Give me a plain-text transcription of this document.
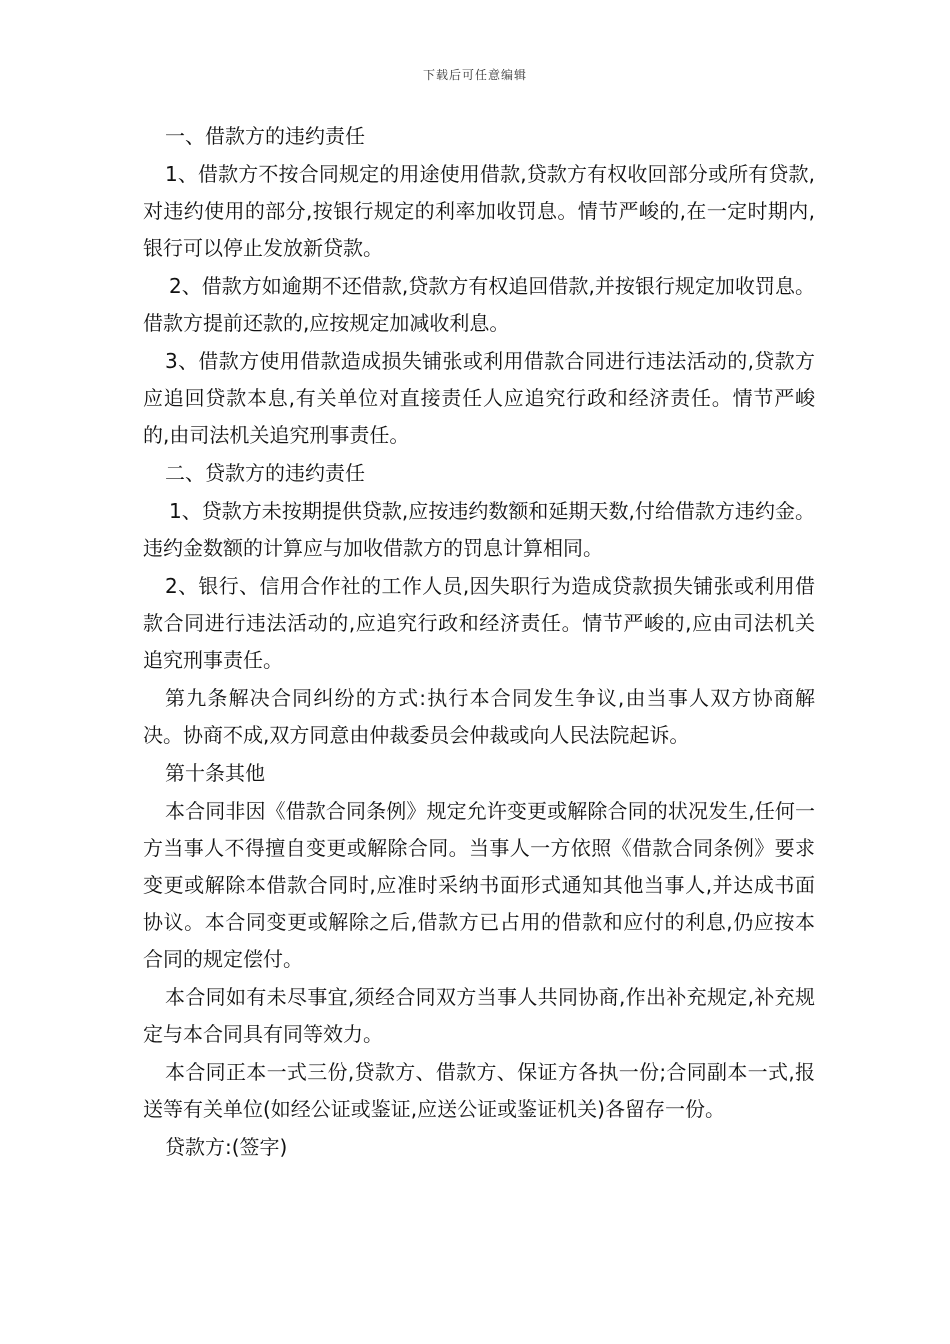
下载后可任意编辑

一、借款方的违约责任

1、借款方不按合同规定的用途使用借款,贷款方有权收回部分或所有贷款,对违约使用的部分,按银行规定的利率加收罚息。情节严峻的,在一定时期内,银行可以停止发放新贷款。

2、借款方如逾期不还借款,贷款方有权追回借款,并按银行规定加收罚息。借款方提前还款的,应按规定加减收利息。

3、借款方使用借款造成损失铺张或利用借款合同进行违法活动的,贷款方应追回贷款本息,有关单位对直接责任人应追究行政和经济责任。情节严峻的,由司法机关追究刑事责任。

二、贷款方的违约责任

1、贷款方未按期提供贷款,应按违约数额和延期天数,付给借款方违约金。违约金数额的计算应与加收借款方的罚息计算相同。

2、银行、信用合作社的工作人员,因失职行为造成贷款损失铺张或利用借款合同进行违法活动的,应追究行政和经济责任。情节严峻的,应由司法机关追究刑事责任。

第九条解决合同纠纷的方式:执行本合同发生争议,由当事人双方协商解决。协商不成,双方同意由仲裁委员会仲裁或向人民法院起诉。

第十条其他

本合同非因《借款合同条例》规定允许变更或解除合同的状况发生,任何一方当事人不得擅自变更或解除合同。当事人一方依照《借款合同条例》要求变更或解除本借款合同时,应准时采纳书面形式通知其他当事人,并达成书面协议。本合同变更或解除之后,借款方已占用的借款和应付的利息,仍应按本合同的规定偿付。

本合同如有未尽事宜,须经合同双方当事人共同协商,作出补充规定,补充规定与本合同具有同等效力。

本合同正本一式三份,贷款方、借款方、保证方各执一份;合同副本一式,报送等有关单位(如经公证或鉴证,应送公证或鉴证机关)各留存一份。

贷款方:(签字)
